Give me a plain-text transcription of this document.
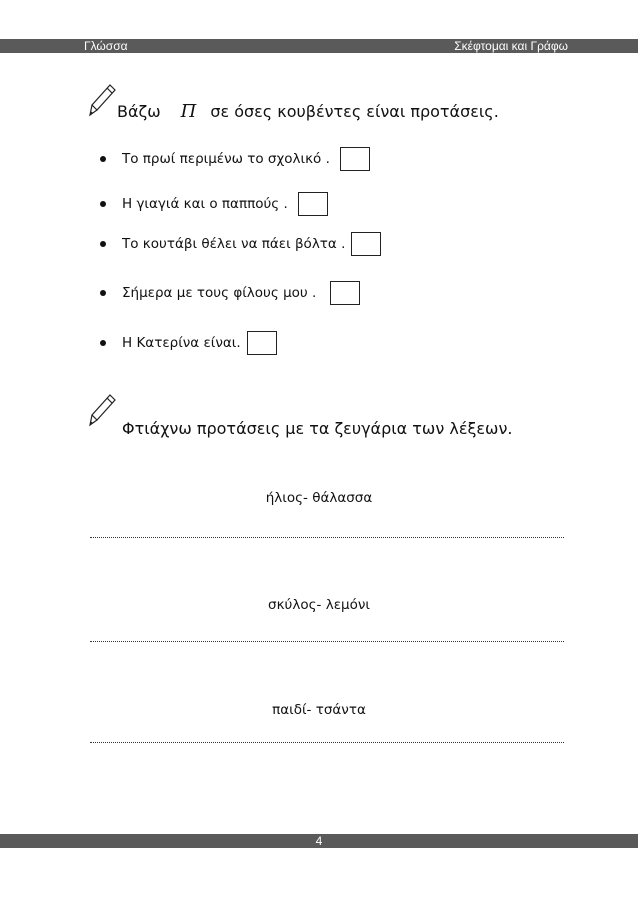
Γλώσσα	Σκέφτομαι και Γράφω
Βάζω Π σε όσες κουβέντες είναι προτάσεις.
Το πρωί περιμένω το σχολικό .
Η γιαγιά και ο παππούς .
Το κουτάβι θέλει να πάει βόλτα .
Σήμερα με τους φίλους μου .
Η Κατερίνα είναι.
Φτιάχνω προτάσεις με τα ζευγάρια των λέξεων.
ήλιος- θάλασσα
σκύλος- λεμόνι
παιδί- τσάντα
4
